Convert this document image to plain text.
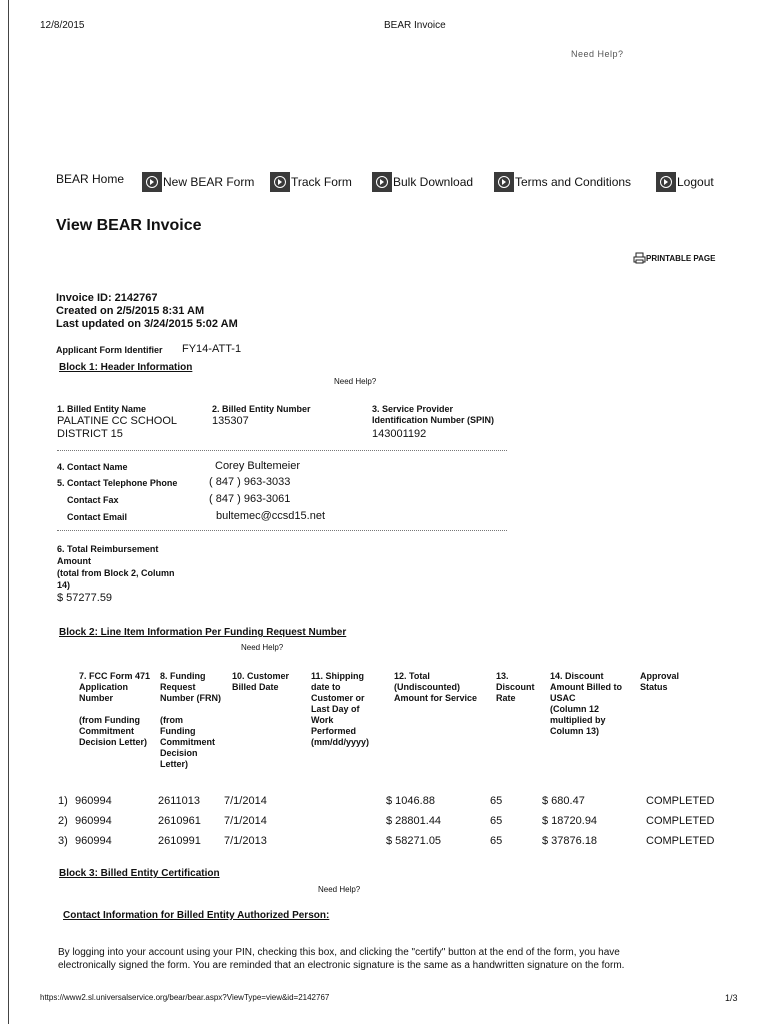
12/8/2015	BEAR Invoice
Need Help?
BEAR Home	New BEAR Form	Track Form	Bulk Download	Terms and Conditions	Logout
View BEAR Invoice
PRINTABLE PAGE
Invoice ID: 2142767
Created on 2/5/2015 8:31 AM
Last updated on 3/24/2015 5:02 AM
Applicant Form Identifier FY14-ATT-1
Block 1: Header Information
Need Help?
1. Billed Entity Name
PALATINE CC SCHOOL
DISTRICT 15
2. Billed Entity Number
135307
3. Service Provider
Identification Number (SPIN)
143001192
4. Contact Name	Corey Bultemeier
5. Contact Telephone Phone	( 847 ) 963-3033
Contact Fax	( 847 ) 963-3061
Contact Email	bultemec@ccsd15.net
6. Total Reimbursement
Amount
(total from Block 2, Column
14)
$ 57277.59
Block 2: Line Item Information Per Funding Request Number
Need Help?
7. FCC Form 471
Application
Number

(from Funding
Commitment
Decision Letter)
8. Funding
Request
Number (FRN)

(from
Funding
Commitment
Decision
Letter)
10. Customer
Billed Date
11. Shipping
date to
Customer or
Last Day of
Work
Performed
(mm/dd/yyyy)
12. Total
(Undiscounted)
Amount for Service
13.
Discount
Rate
14. Discount
Amount Billed to
USAC
(Column 12
multiplied by
Column 13)
Approval
Status
1) 960994	2611013 7/1/2014	$ 1046.88	65	$ 680.47	COMPLETED
2) 960994	2610961 7/1/2014	$ 28801.44	65	$ 18720.94	COMPLETED
3) 960994	2610991 7/1/2013	$ 58271.05	65	$ 37876.18	COMPLETED
Block 3: Billed Entity Certification
Need Help?
Contact Information for Billed Entity Authorized Person:
By logging into your account using your PIN, checking this box, and clicking the "certify" button at the end of the form, you have electronically signed the form. You are reminded that an electronic signature is the same as a handwritten signature on the form.
https://www2.sl.universalservice.org/bear/bear.aspx?ViewType=view&id=2142767	1/3
